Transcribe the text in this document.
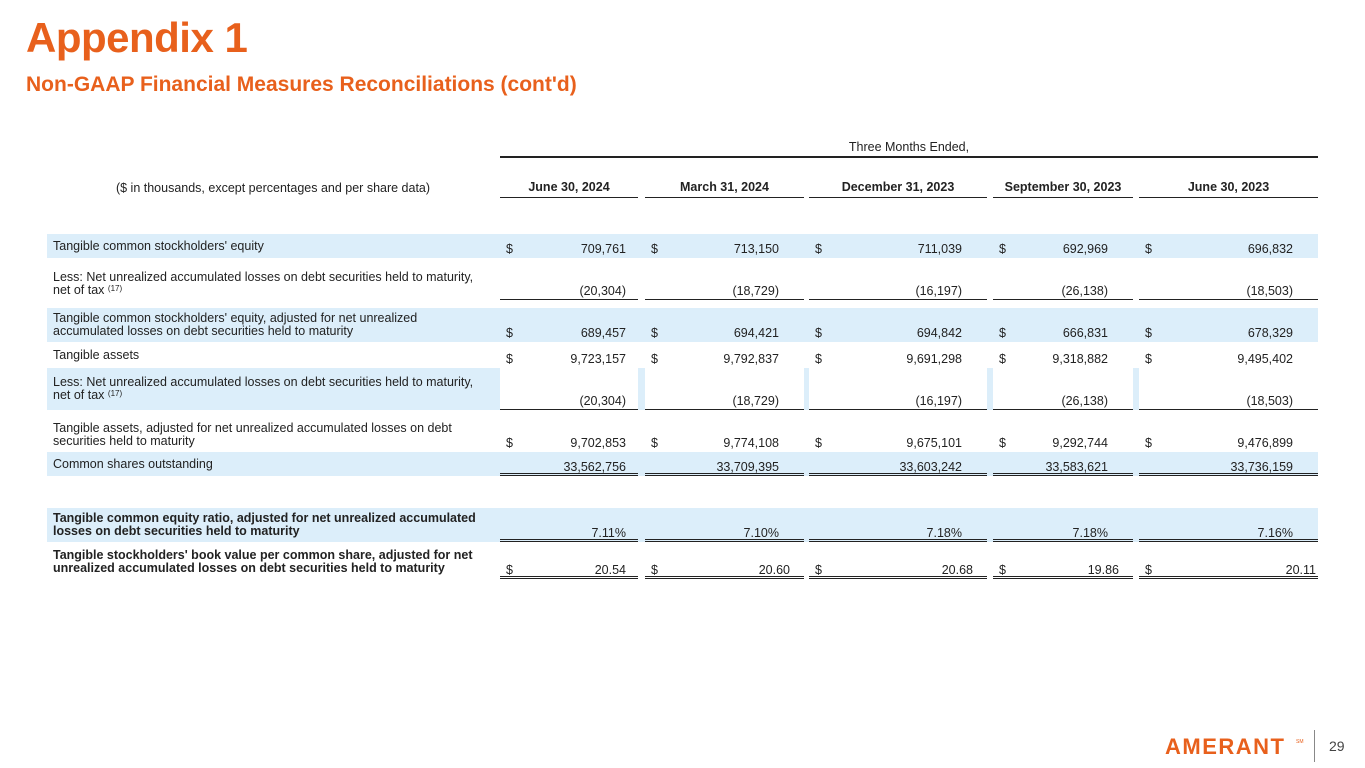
Appendix 1
Non-GAAP Financial Measures Reconciliations (cont'd)
Three Months Ended,
($ in thousands, except percentages and per share data)	June 30, 2024	March 31, 2024	December 31, 2023	September 30, 2023	June 30, 2023
Tangible common stockholders' equity	$	709,761 $	713,150	$	711,039	$	692,969	$	696,832
Less: Net unrealized accumulated losses on debt securities held to maturity,
net of tax $^{(17)}$	(20,304)	(18,729)	(16,197)	(26,138)	(18,503)
Tangible common stockholders' equity, adjusted for net unrealized
accumulated losses on debt securities held to maturity	$	689,457 $	694,421	$	694,842	$	666,831	$	678,329
Tangible assets	$	9,723,157 $	9,792,837	$	9,691,298	$	9,318,882	$	9,495,402
Less: Net unrealized accumulated losses on debt securities held to maturity,
net of tax $^{(17)}$
(20,304)	(18,729)	(16,197)	(26,138)	(18,503)
Tangible assets, adjusted for net unrealized accumulated losses on debt
securities held to maturity	$	9,702,853 $	9,774,108	$	9,675,101	$	9,292,744	$	9,476,899
Common shares outstanding	33,562,756	33,709,395	33,603,242	33,583,621	33,736,159
Tangible common equity ratio, adjusted for net unrealized accumulated
losses on debt securities held to maturity	7.11%	7.10%	7.18%	7.18%	7.16%
Tangible stockholders' book value per common share, adjusted for net
unrealized accumulated losses on debt securities held to maturity	$	20.54 $	20.60 $	20.68 $	19.86 $	20.11
AMERANT SM 29
